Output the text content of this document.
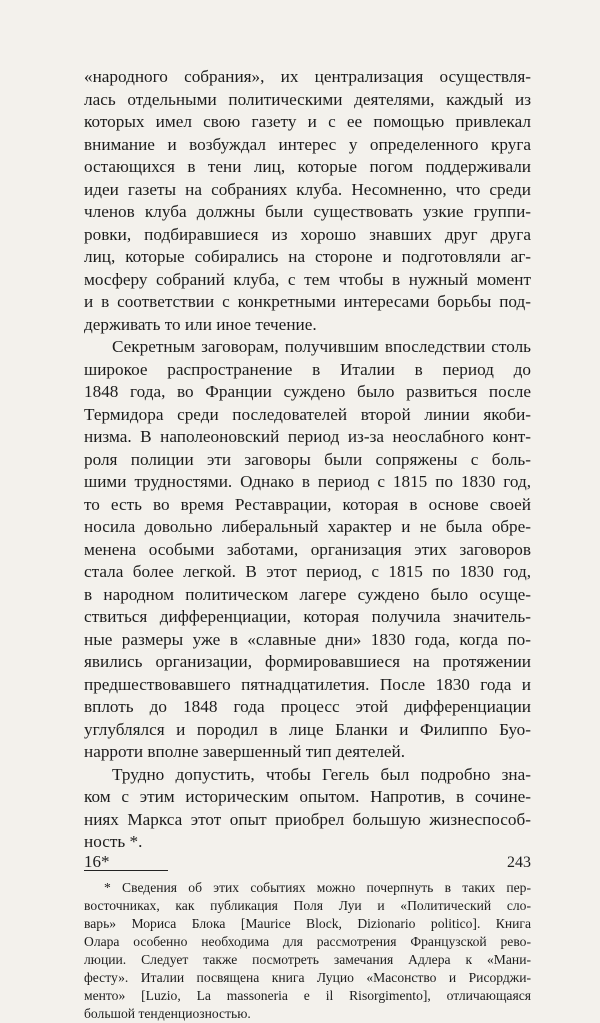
«народного собрания», их централизация осуществля-
лась отдельными политическими деятелями, каждый из
которых имел свою газету и с ее помощью привлекал
внимание и возбуждал интерес у определенного круга
остающихся в тени лиц, которые погом поддерживали
идеи газеты на собраниях клуба. Несомненно, что среди
членов клуба должны были существовать узкие группи-
ровки, подбиравшиеся из хорошо знавших друг друга
лиц, которые собирались на стороне и подготовляли аг-
мосферу собраний клуба, с тем чтобы в нужный момент
и в соответствии с конкретными интересами борьбы под-
держивать то или иное течение.
Секретным заговорам, получившим впоследствии столь
широкое распространение в Италии в период до
1848 года, во Франции суждено было развиться после
Термидора среди последователей второй линии якоби-
низма. В наполеоновский период из-за неослабного конт-
роля полиции эти заговоры были сопряжены с боль-
шими трудностями. Однако в период с 1815 по 1830 год,
то есть во время Реставрации, которая в основе своей
носила довольно либеральный характер и не была обре-
менена особыми заботами, организация этих заговоров
стала более легкой. В этот период, с 1815 по 1830 год,
в народном политическом лагере суждено было осуще-
ствиться дифференциации, которая получила значитель-
ные размеры уже в «славные дни» 1830 года, когда по-
явились организации, формировавшиеся на протяжении
предшествовавшего пятнадцатилетия. После 1830 года и
вплоть до 1848 года процесс этой дифференциации
углублялся и породил в лице Бланки и Филиппо Буо-
нарроти вполне завершенный тип деятелей.
Трудно допустить, чтобы Гегель был подробно зна-
ком с этим историческим опытом. Напротив, в сочине-
ниях Маркса этот опыт приобрел большую жизнеспособ-
ность *.
* Сведения об этих событиях можно почерпнуть в таких пер-
восточниках, как публикация Поля Луи и «Политический сло-
варь» Мориса Блока [Maurice Block, Dizionario politico]. Книга
Олара особенно необходима для рассмотрения Французской рево-
люции. Следует также посмотреть замечания Адлера к «Мани-
фесту». Италии посвящена книга Луцио «Масонство и Рисорджи-
менто» [Luzio, La massoneria e il Risorgimento], отличающаяся
большой тенденциозностью.
16*	243
